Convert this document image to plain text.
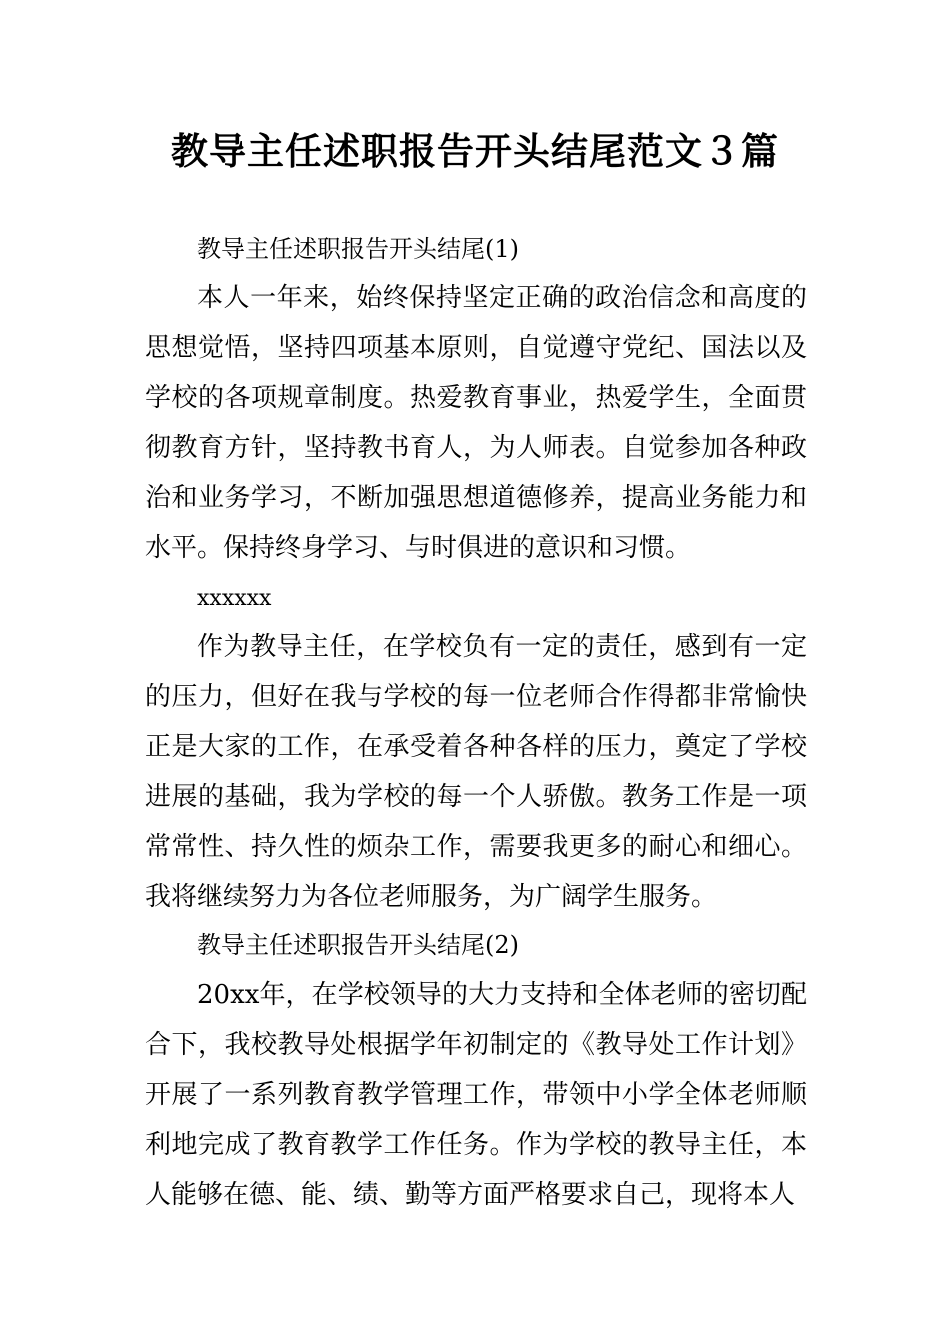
教导主任述职报告开头结尾范文３篇

教导主任述职报告开头结尾(1)

本人一年来，始终保持坚定正确的政治信念和高度的思想觉悟，坚持四项基本原则，自觉遵守党纪、国法以及学校的各项规章制度。热爱教育事业，热爱学生，全面贯彻教育方针，坚持教书育人，为人师表。自觉参加各种政治和业务学习，不断加强思想道德修养，提高业务能力和水平。保持终身学习、与时俱进的意识和习惯。

xxxxxx

作为教导主任，在学校负有一定的责任，感到有一定的压力，但好在我与学校的每一位老师合作得都非常愉快正是大家的工作，在承受着各种各样的压力，奠定了学校进展的基础，我为学校的每一个人骄傲。教务工作是一项常常性、持久性的烦杂工作，需要我更多的耐心和细心。我将继续努力为各位老师服务，为广阔学生服务。

教导主任述职报告开头结尾(2)

20xx年，在学校领导的大力支持和全体老师的密切配合下，我校教导处根据学年初制定的《教导处工作计划》开展了一系列教育教学管理工作，带领中小学全体老师顺利地完成了教育教学工作任务。作为学校的教导主任，本人能够在德、能、绩、勤等方面严格要求自己，现将本人
